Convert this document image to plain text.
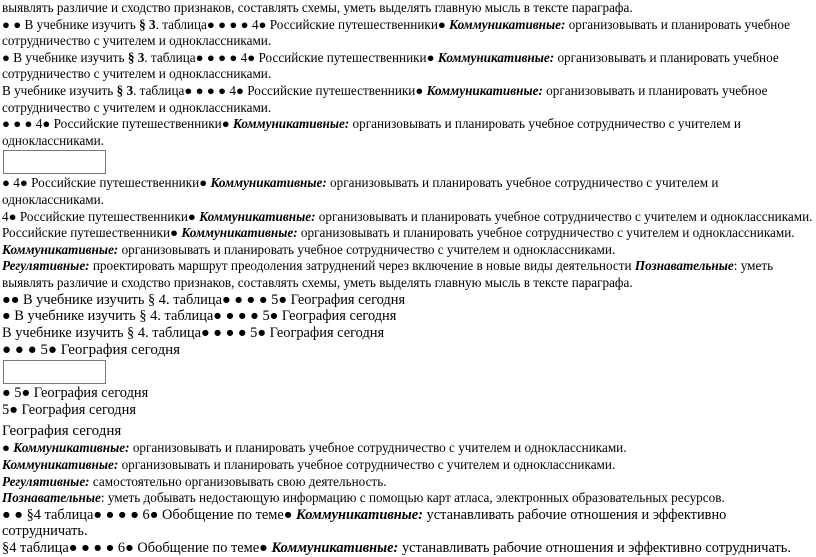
выявлять различие и сходство признаков, составлять схемы, уметь выделять главную мысль в тексте параграфа.

● ● В учебнике изучить § 3. таблица● ● ● ● 4● Российские путешественники● Коммуникативные: организовывать и планировать учебное сотрудничество с учителем и одноклассниками.

● В учебнике изучить § 3. таблица● ● ● ● 4● Российские путешественники● Коммуникативные: организовывать и планировать учебное сотрудничество с учителем и одноклассниками.

В учебнике изучить § 3. таблица● ● ● ● 4● Российские путешественники● Коммуникативные: организовывать и планировать учебное сотрудничество с учителем и одноклассниками.

● ● ● 4● Российские путешественники● Коммуникативные: организовывать и планировать учебное сотрудничество с учителем и одноклассниками.

● 4● Российские путешественники● Коммуникативные: организовывать и планировать учебное сотрудничество с учителем и одноклассниками.

4● Российские путешественники● Коммуникативные: организовывать и планировать учебное сотрудничество с учителем и одноклассниками.

Российские путешественники● Коммуникативные: организовывать и планировать учебное сотрудничество с учителем и одноклассниками.

Коммуникативные: организовывать и планировать учебное сотрудничество с учителем и одноклассниками.

Регулятивные: проектировать маршрут преодоления затруднений через включение в новые виды деятельности Познавательные: уметь выявлять различие и сходство признаков, составлять схемы, уметь выделять главную мысль в тексте параграфа.

●● В учебнике изучить § 4. таблица● ● ● ● 5● География сегодня

● В учебнике изучить § 4. таблица● ● ● ● 5● География сегодня

В учебнике изучить § 4. таблица● ● ● ● 5● География сегодня

● ● ● 5● География сегодня

● 5● География сегодня

5● География сегодня

География сегодня

● Коммуникативные: организовывать и планировать учебное сотрудничество с учителем и одноклассниками.

Коммуникативные: организовывать и планировать учебное сотрудничество с учителем и одноклассниками.

Регулятивные: самостоятельно организовывать свою деятельность.

Познавательные: уметь добывать недостающую информацию с помощью карт атласа, электронных образовательных ресурсов.

● ● §4 таблица● ● ● ● 6● Обобщение по теме● Коммуникативные: устанавливать рабочие отношения и эффективно сотрудничать.

§4 таблица● ● ● ● 6● Обобщение по теме● Коммуникативные: устанавливать рабочие отношения и эффективно сотрудничать.
